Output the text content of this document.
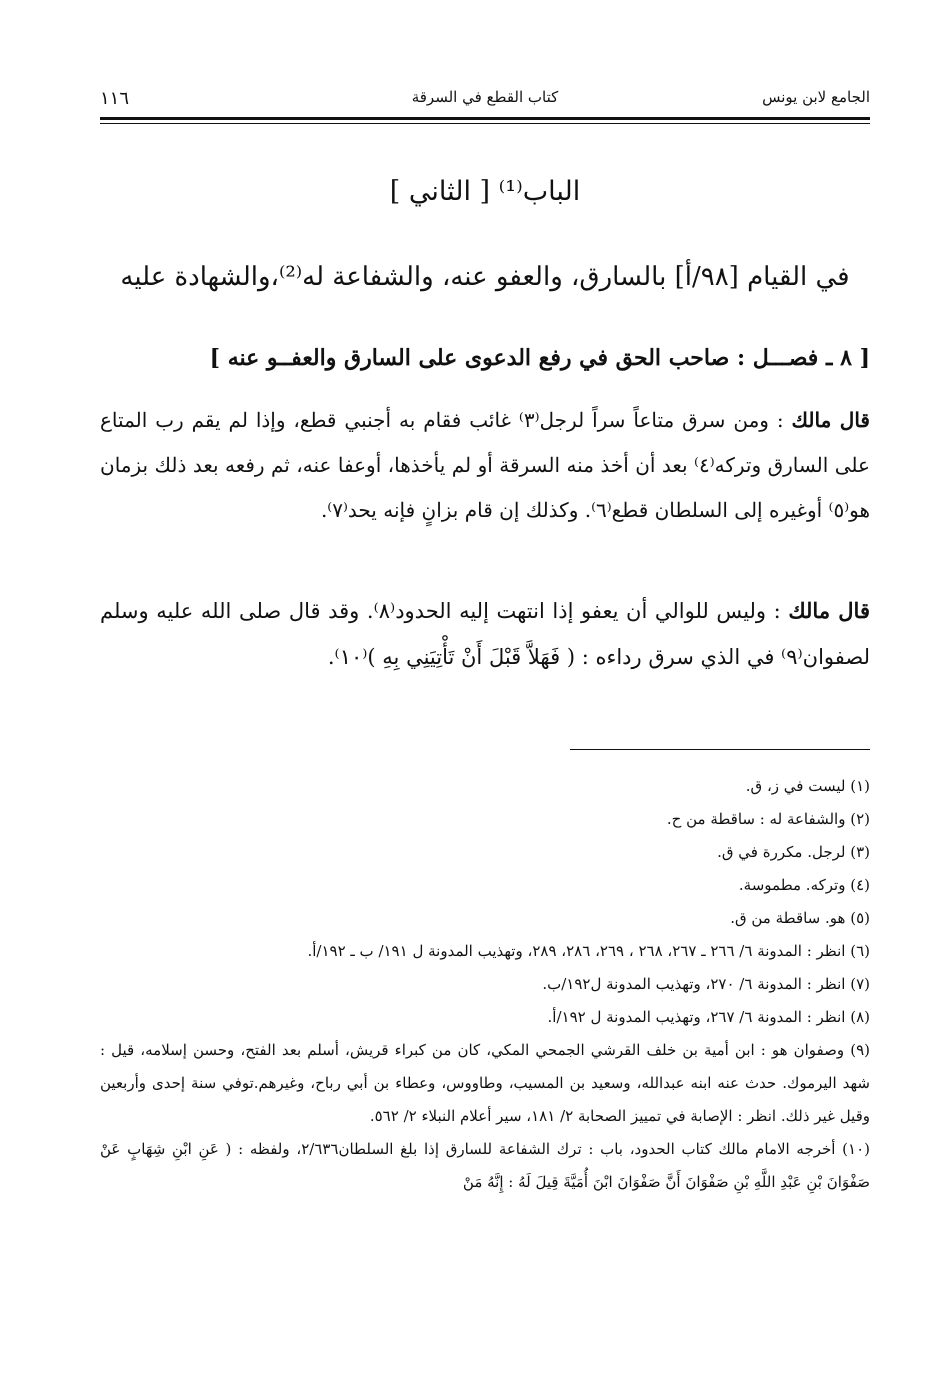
الجامع لابن يونس
كتاب القطع في السرقة
١١٦
الباب⁽¹⁾ [ الثاني ]
في القيام [٩٨/أ] بالسارق، والعفو عنه، والشفاعة له⁽²⁾،والشهادة عليه
[ ٨ ـ فصـــل : صاحب الحق في رفع الدعوى على السارق والعفــو عنه ]
قال مالك : ومن سرق متاعاً سراً لرجل⁽٣⁾ غائب فقام به أجنبي قطع، وإذا لم يقم رب المتاع على السارق وتركه⁽٤⁾ بعد أن أخذ منه السرقة أو لم يأخذها، أوعفا عنه، ثم رفعه بعد ذلك بزمان هو⁽٥⁾ أوغيره إلى السلطان قطع⁽٦⁾. وكذلك إن قام بزانٍ فإنه يحد⁽٧⁾.
قال مالك : وليس للوالي أن يعفو إذا انتهت إليه الحدود⁽٨⁾. وقد قال صلى الله عليه وسلم لصفوان⁽٩⁾ في الذي سرق رداءه : ( فَهَلاَّ قَبْلَ أَنْ تَأْتِيَنِي بِهِ )⁽١٠⁾.

(١) ليست في ز، ق.

(٢) والشفاعة له : ساقطة من ح.

(٣) لرجل. مكررة في ق.

(٤) وتركه. مطموسة.

(٥) هو. ساقطة من ق.

(٦) انظر : المدونة ٦/ ٢٦٦ ـ ٢٦٧، ٢٦٨ ، ٢٦٩، ٢٨٦، ٢٨٩، وتهذيب المدونة ل ١٩١/ ب ـ ١٩٢/أ.

(٧) انظر : المدونة ٦/ ٢٧٠، وتهذيب المدونة ل١٩٢/ب.

(٨) انظر : المدونة ٦/ ٢٦٧، وتهذيب المدونة ل ١٩٢/أ.

(٩) وصفوان هو : ابن أمية بن خلف القرشي الجمحي المكي، كان من كبراء قريش، أسلم بعد الفتح، وحسن إسلامه، قيل : شهد اليرموك. حدث عنه ابنه عبدالله، وسعيد بن المسيب، وطاووس، وعطاء بن أبي رباح، وغيرهم.توفي سنة إحدى وأربعين وقيل غير ذلك. انظر : الإصابة في تمييز الصحابة ٢/ ١٨١، سير أعلام النبلاء ٢/ ٥٦٢.

(١٠) أخرجه الامام مالك كتاب الحدود، باب : ترك الشفاعة للسارق إذا بلغ السلطان٢/٦٣٦، ولفظه : ( عَنِ ابْنِ شِهَابٍ عَنْ صَفْوَانَ بْنِ عَبْدِ اللَّهِ بْنِ صَفْوَانَ أَنَّ صَفْوَانَ ابْنَ أُمَيَّةَ قِيلَ لَهُ : إِنَّهُ مَنْ
